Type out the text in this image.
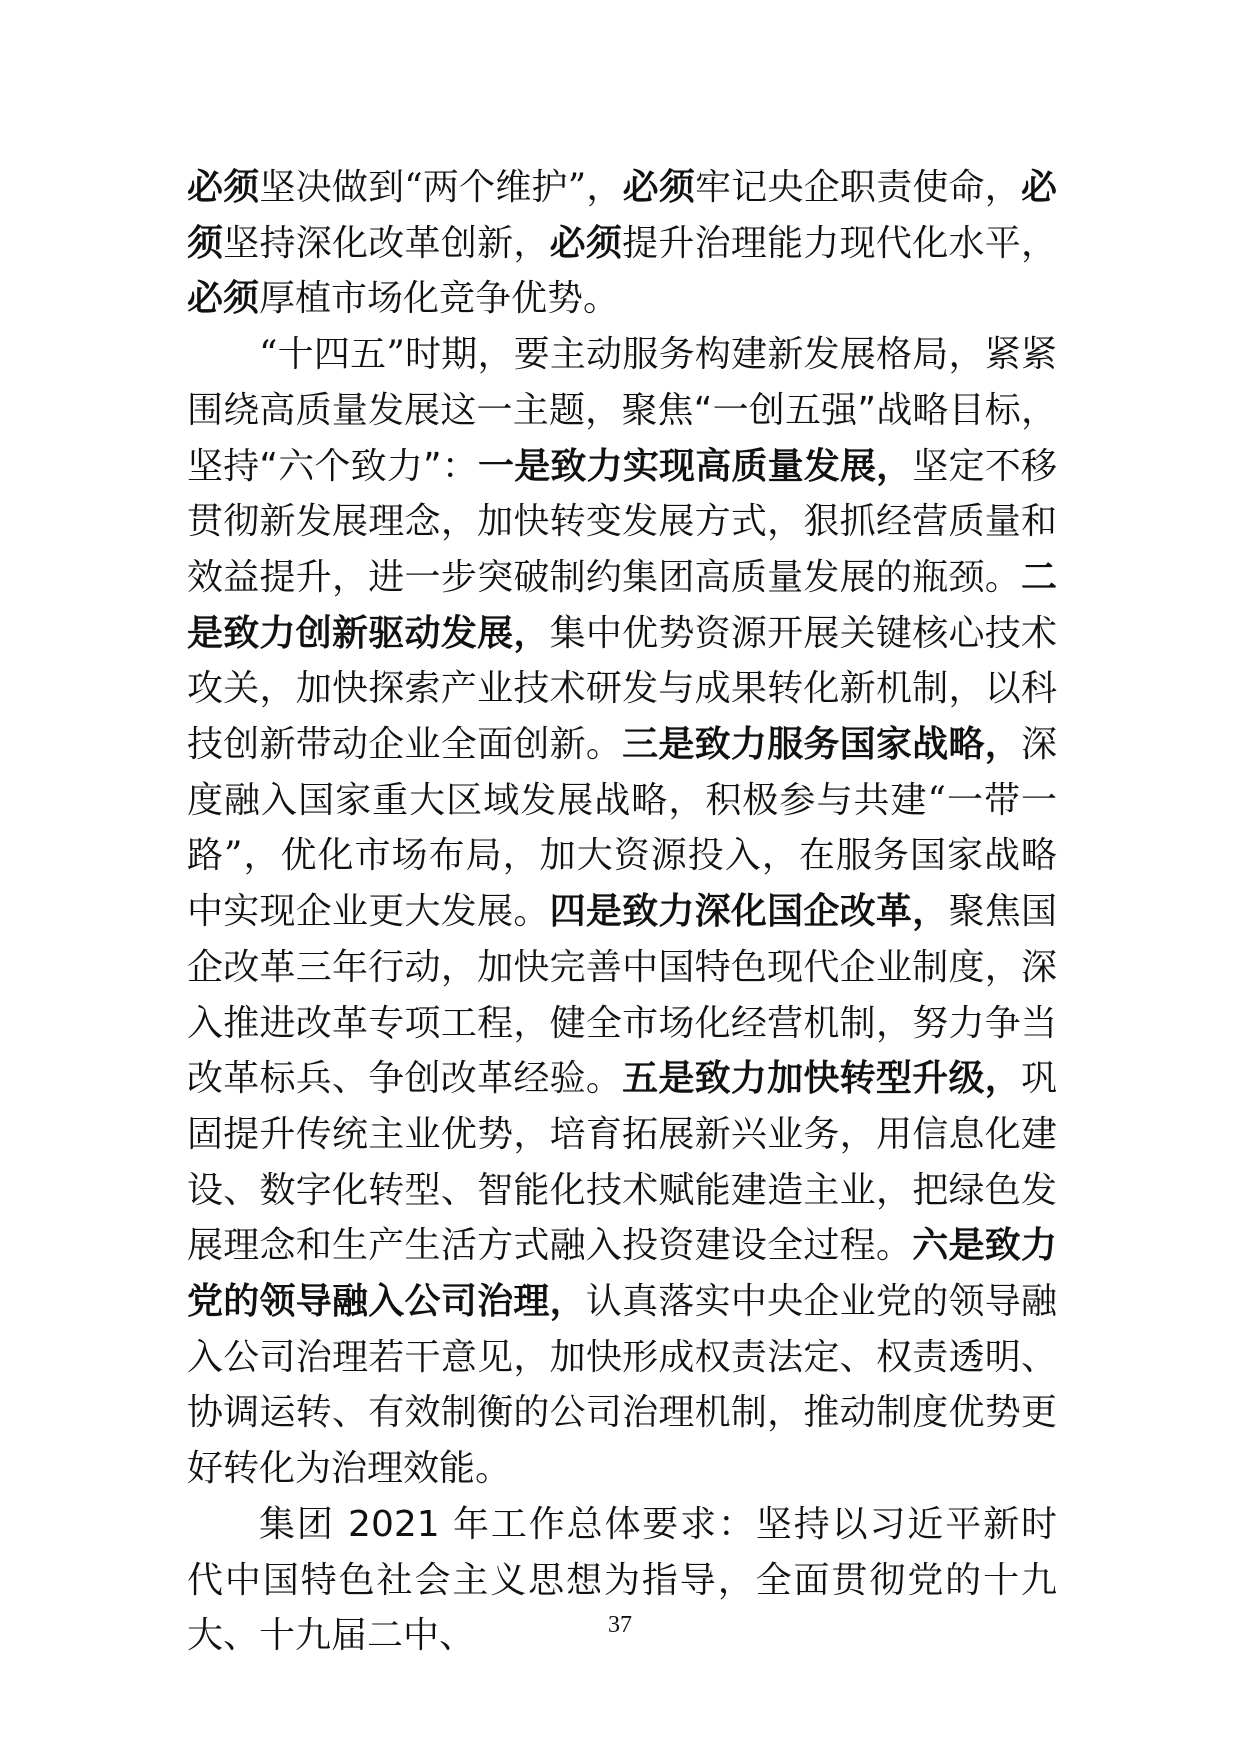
必须坚决做到“两个维护”，必须牢记央企职责使命，必须坚持深化改革创新，必须提升治理能力现代化水平，必须厚植市场化竞争优势。

“十四五”时期，要主动服务构建新发展格局，紧紧围绕高质量发展这一主题，聚焦“一创五强”战略目标，坚持“六个致力”：一是致力实现高质量发展，坚定不移贯彻新发展理念，加快转变发展方式，狠抓经营质量和效益提升，进一步突破制约集团高质量发展的瓶颈。二是致力创新驱动发展，集中优势资源开展关键核心技术攻关，加快探索产业技术研发与成果转化新机制，以科技创新带动企业全面创新。三是致力服务国家战略，深度融入国家重大区域发展战略，积极参与共建“一带一路”，优化市场布局，加大资源投入，在服务国家战略中实现企业更大发展。四是致力深化国企改革，聚焦国企改革三年行动，加快完善中国特色现代企业制度，深入推进改革专项工程，健全市场化经营机制，努力争当改革标兵、争创改革经验。五是致力加快转型升级，巩固提升传统主业优势，培育拓展新兴业务，用信息化建设、数字化转型、智能化技术赋能建造主业，把绿色发展理念和生产生活方式融入投资建设全过程。六是致力党的领导融入公司治理，认真落实中央企业党的领导融入公司治理若干意见，加快形成权责法定、权责透明、协调运转、有效制衡的公司治理机制，推动制度优势更好转化为治理效能。

集团 2021 年工作总体要求：坚持以习近平新时代中国特色社会主义思想为指导，全面贯彻党的十九大、十九届二中、	37
